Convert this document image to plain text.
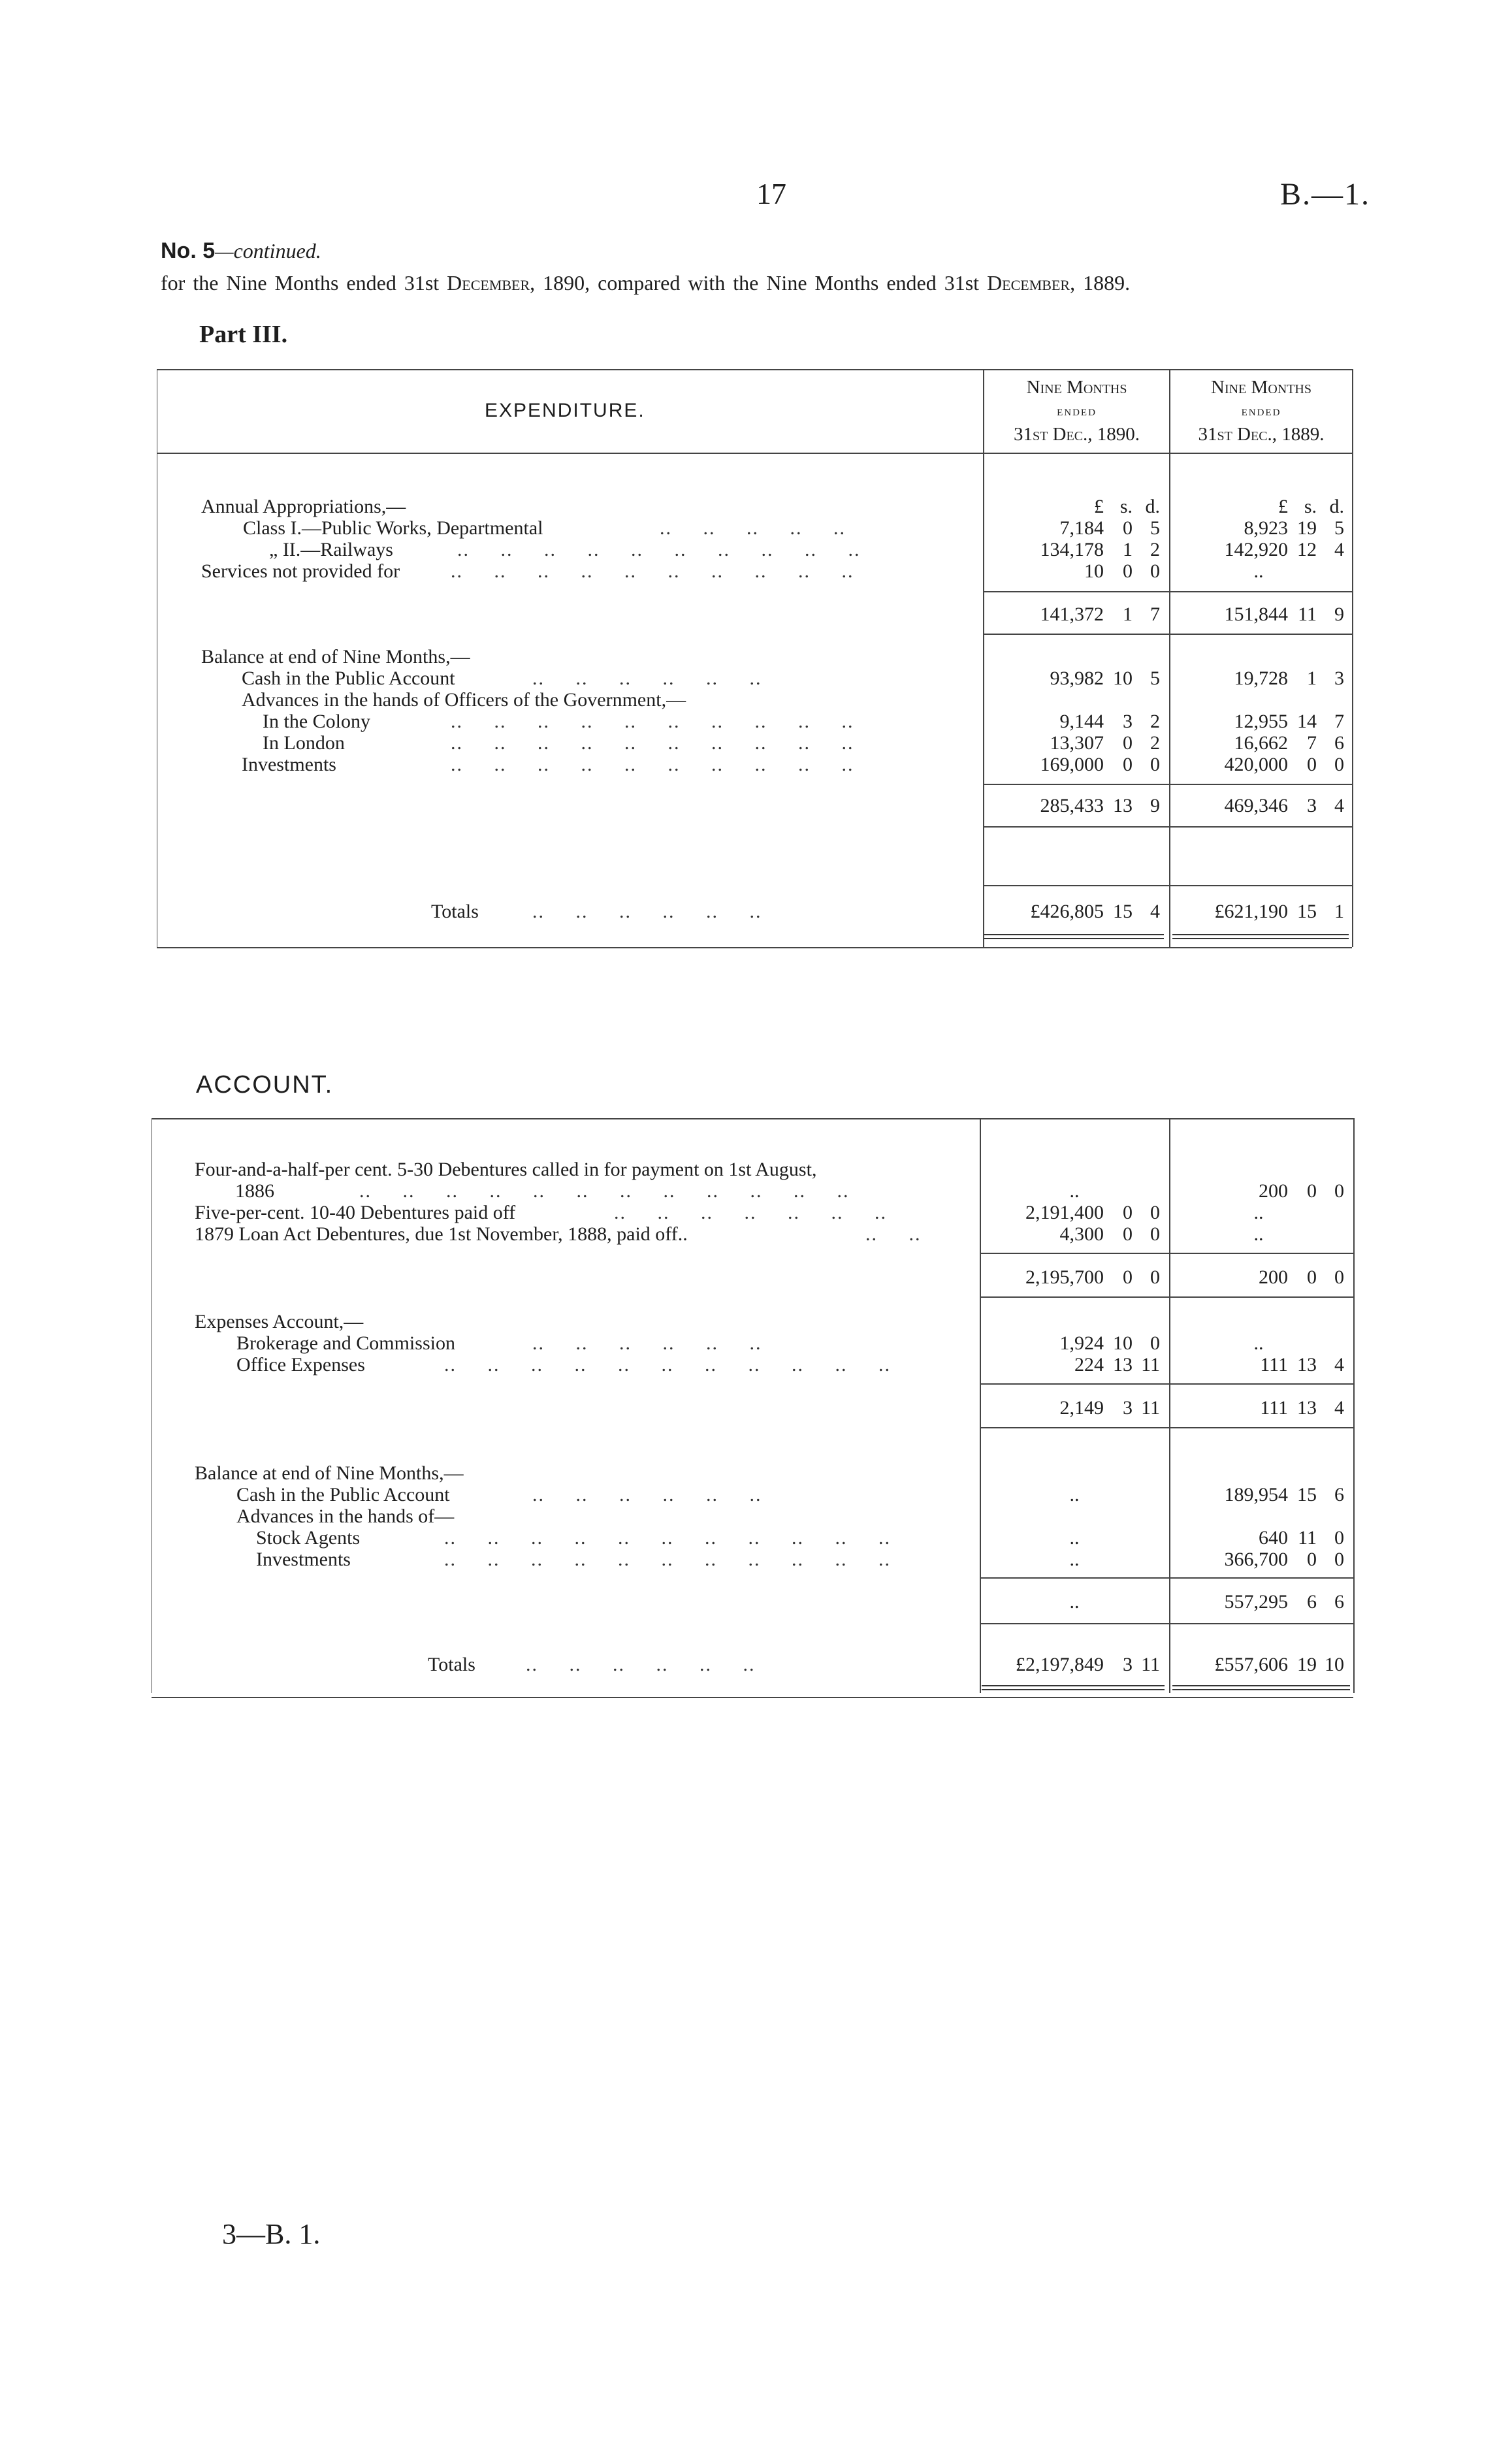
17	B.—1.
No. 5—continued.
for the Nine Months ended 31st December, 1890, compared with the Nine Months ended 31st December, 1889.
Part III.
EXPENDITURE.
Nine Months
ended
31st Dec., 1890.
Nine Months
ended
31st Dec., 1889.
£ s. d.	£ s. d.
Annual Appropriations,—
Class I.—Public Works, Departmental	..     ..     ..     ..     ..	7,184 0 5	8,923 19 5
„ II.—Railways	..     ..     ..     ..     ..     ..     ..     ..     ..     ..	134,178 1 2	142,920 12 4
Services not provided for	..     ..     ..     ..     ..     ..     ..     ..     ..     ..	10 0 0	..
141,372 1 7	151,844 11 9
Balance at end of Nine Months,—
Cash in the Public Account	..     ..     ..     ..     ..     ..	93,982 10 5	19,728 1 3
Advances in the hands of Officers of the Government,—
In the Colony	..     ..     ..     ..     ..     ..     ..     ..     ..     ..	9,144 3 2	12,955 14 7
In London	..     ..     ..     ..     ..     ..     ..     ..     ..     ..	13,307 0 2	16,662 7 6
Investments	..     ..     ..     ..     ..     ..     ..     ..     ..     ..	169,000 0 0	420,000 0 0
285,433 13 9	469,346 3 4
Totals	..     ..     ..     ..     ..     ..	£426,805 15 4	£621,190 15 1
ACCOUNT.
Four-and-a-half-per cent. 5-30 Debentures called in for payment on 1st August,
1886	..     ..     ..     ..     ..     ..     ..     ..     ..     ..     ..     ..	..	200 0 0
Five-per-cent. 10-40 Debentures paid off	..     ..     ..     ..     ..     ..     ..	2,191,400 0 0	..
1879 Loan Act Debentures, due 1st November, 1888, paid off..	..     ..	4,300 0 0	..
2,195,700 0 0	200 0 0
Expenses Account,—
Brokerage and Commission	..     ..     ..     ..     ..     ..	1,924 10 0	..
Office Expenses	..     ..     ..     ..     ..     ..     ..     ..     ..     ..     ..	224 13 11	111 13 4
2,149 3 11	111 13 4
Balance at end of Nine Months,—
Cash in the Public Account	..     ..     ..     ..     ..     ..	..	189,954 15 6
Advances in the hands of—
Stock Agents	..     ..     ..     ..     ..     ..     ..     ..     ..     ..     ..	..	640 11 0
Investments	..     ..     ..     ..     ..     ..     ..     ..     ..     ..     ..	..	366,700 0 0
..	557,295 6 6
Totals	..     ..     ..     ..     ..     ..	£2,197,849 3 11	£557,606 19 10
3—B. 1.
